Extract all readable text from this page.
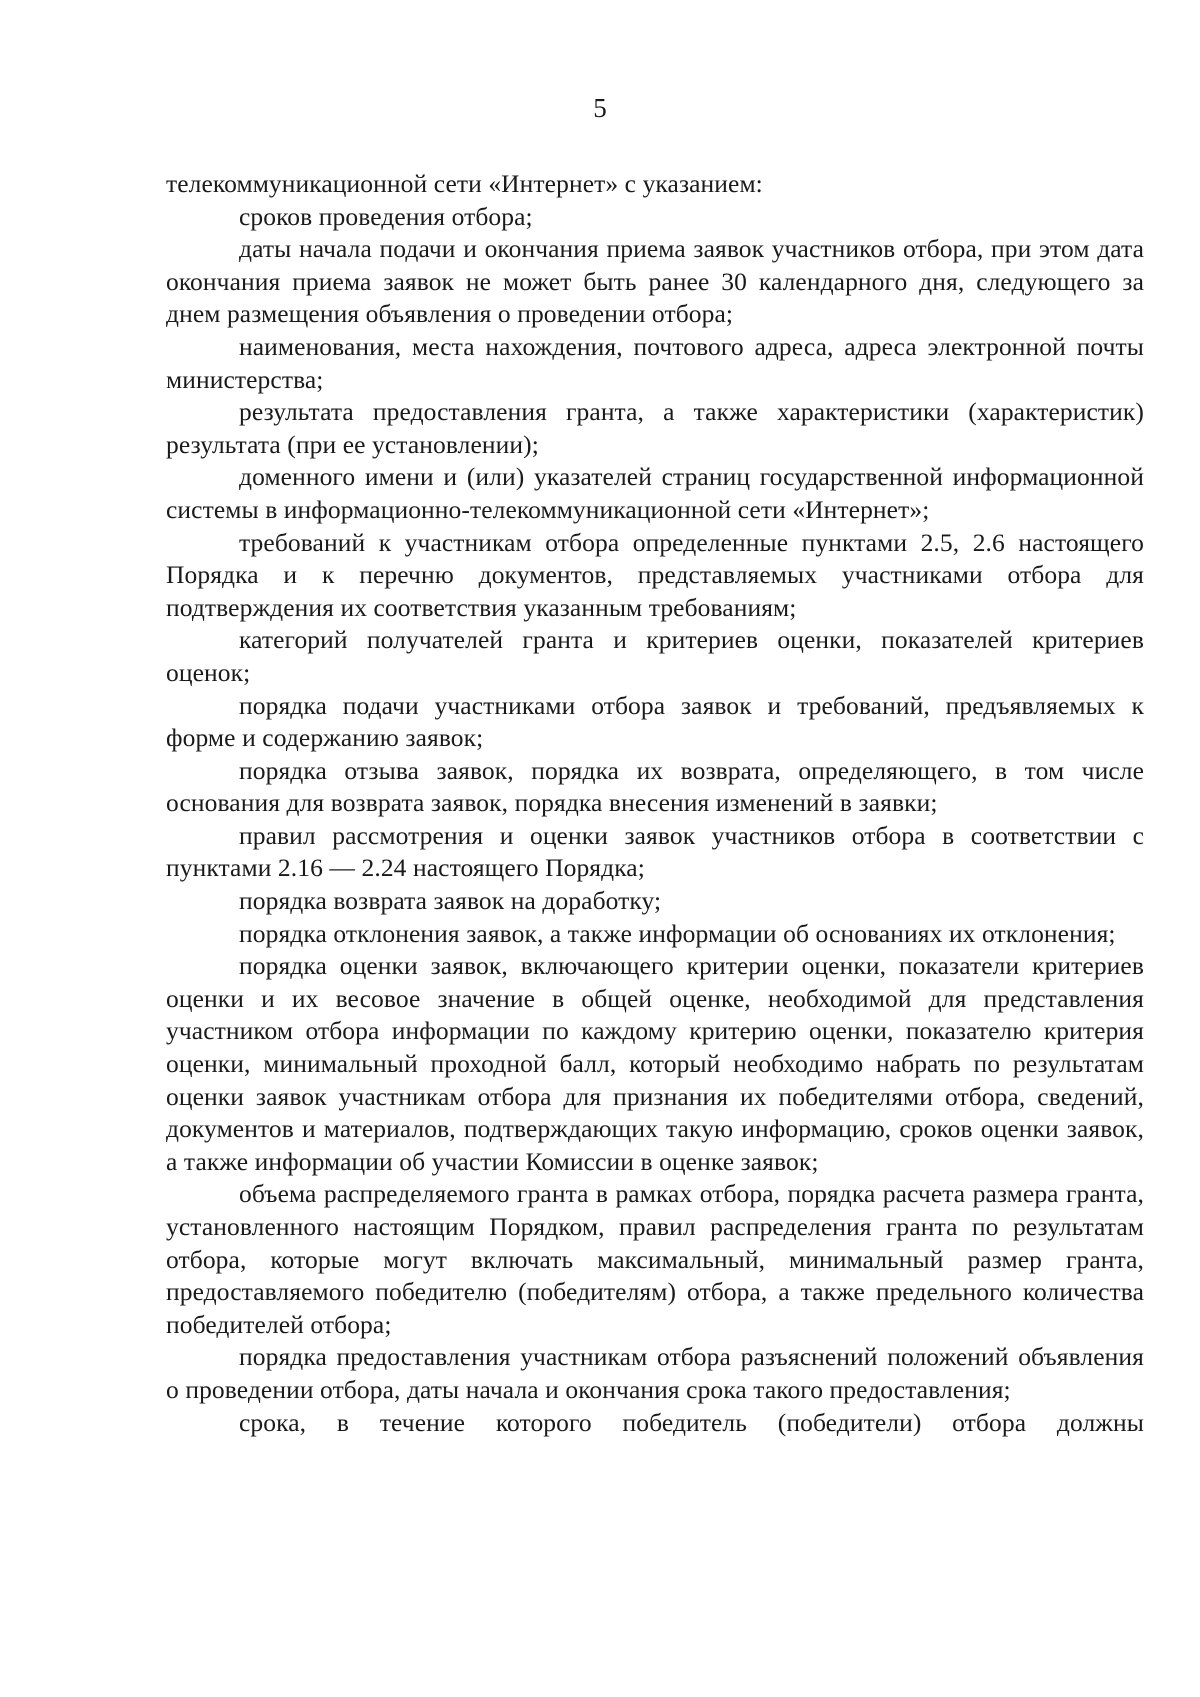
5

телекоммуникационной сети «Интернет» с указанием:

сроков проведения отбора;

даты начала подачи и окончания приема заявок участников отбора, при этом дата окончания приема заявок не может быть ранее 30 календарного дня, следующего за днем размещения объявления о проведении отбора;

наименования, места нахождения, почтового адреса, адреса электронной почты министерства;

результата предоставления гранта, а также характеристики (характеристик) результата (при ее установлении);

доменного имени и (или) указателей страниц государственной информационной системы в информационно-телекоммуникационной сети «Интернет»;

требований к участникам отбора определенные пунктами 2.5, 2.6 настоящего Порядка и к перечню документов, представляемых участниками отбора для подтверждения их соответствия указанным требованиям;

категорий получателей гранта и критериев оценки, показателей критериев оценок;

порядка подачи участниками отбора заявок и требований, предъявляемых к форме и содержанию заявок;

порядка отзыва заявок, порядка их возврата, определяющего, в том числе основания для возврата заявок, порядка внесения изменений в заявки;

правил рассмотрения и оценки заявок участников отбора в соответствии с пунктами 2.16 — 2.24 настоящего Порядка;

порядка возврата заявок на доработку;

порядка отклонения заявок, а также информации об основаниях их отклонения;

порядка оценки заявок, включающего критерии оценки, показатели критериев оценки и их весовое значение в общей оценке, необходимой для представления участником отбора информации по каждому критерию оценки, показателю критерия оценки, минимальный проходной балл, который необходимо набрать по результатам оценки заявок участникам отбора для признания их победителями отбора, сведений, документов и материалов, подтверждающих такую информацию, сроков оценки заявок, а также информации об участии Комиссии в оценке заявок;

объема распределяемого гранта в рамках отбора, порядка расчета размера гранта, установленного настоящим Порядком, правил распределения гранта по результатам отбора, которые могут включать максимальный, минимальный размер гранта, предоставляемого победителю (победителям) отбора, а также предельного количества победителей отбора;

порядка предоставления участникам отбора разъяснений положений объявления о проведении отбора, даты начала и окончания срока такого предоставления;

срока, в течение которого победитель (победители) отбора должны
